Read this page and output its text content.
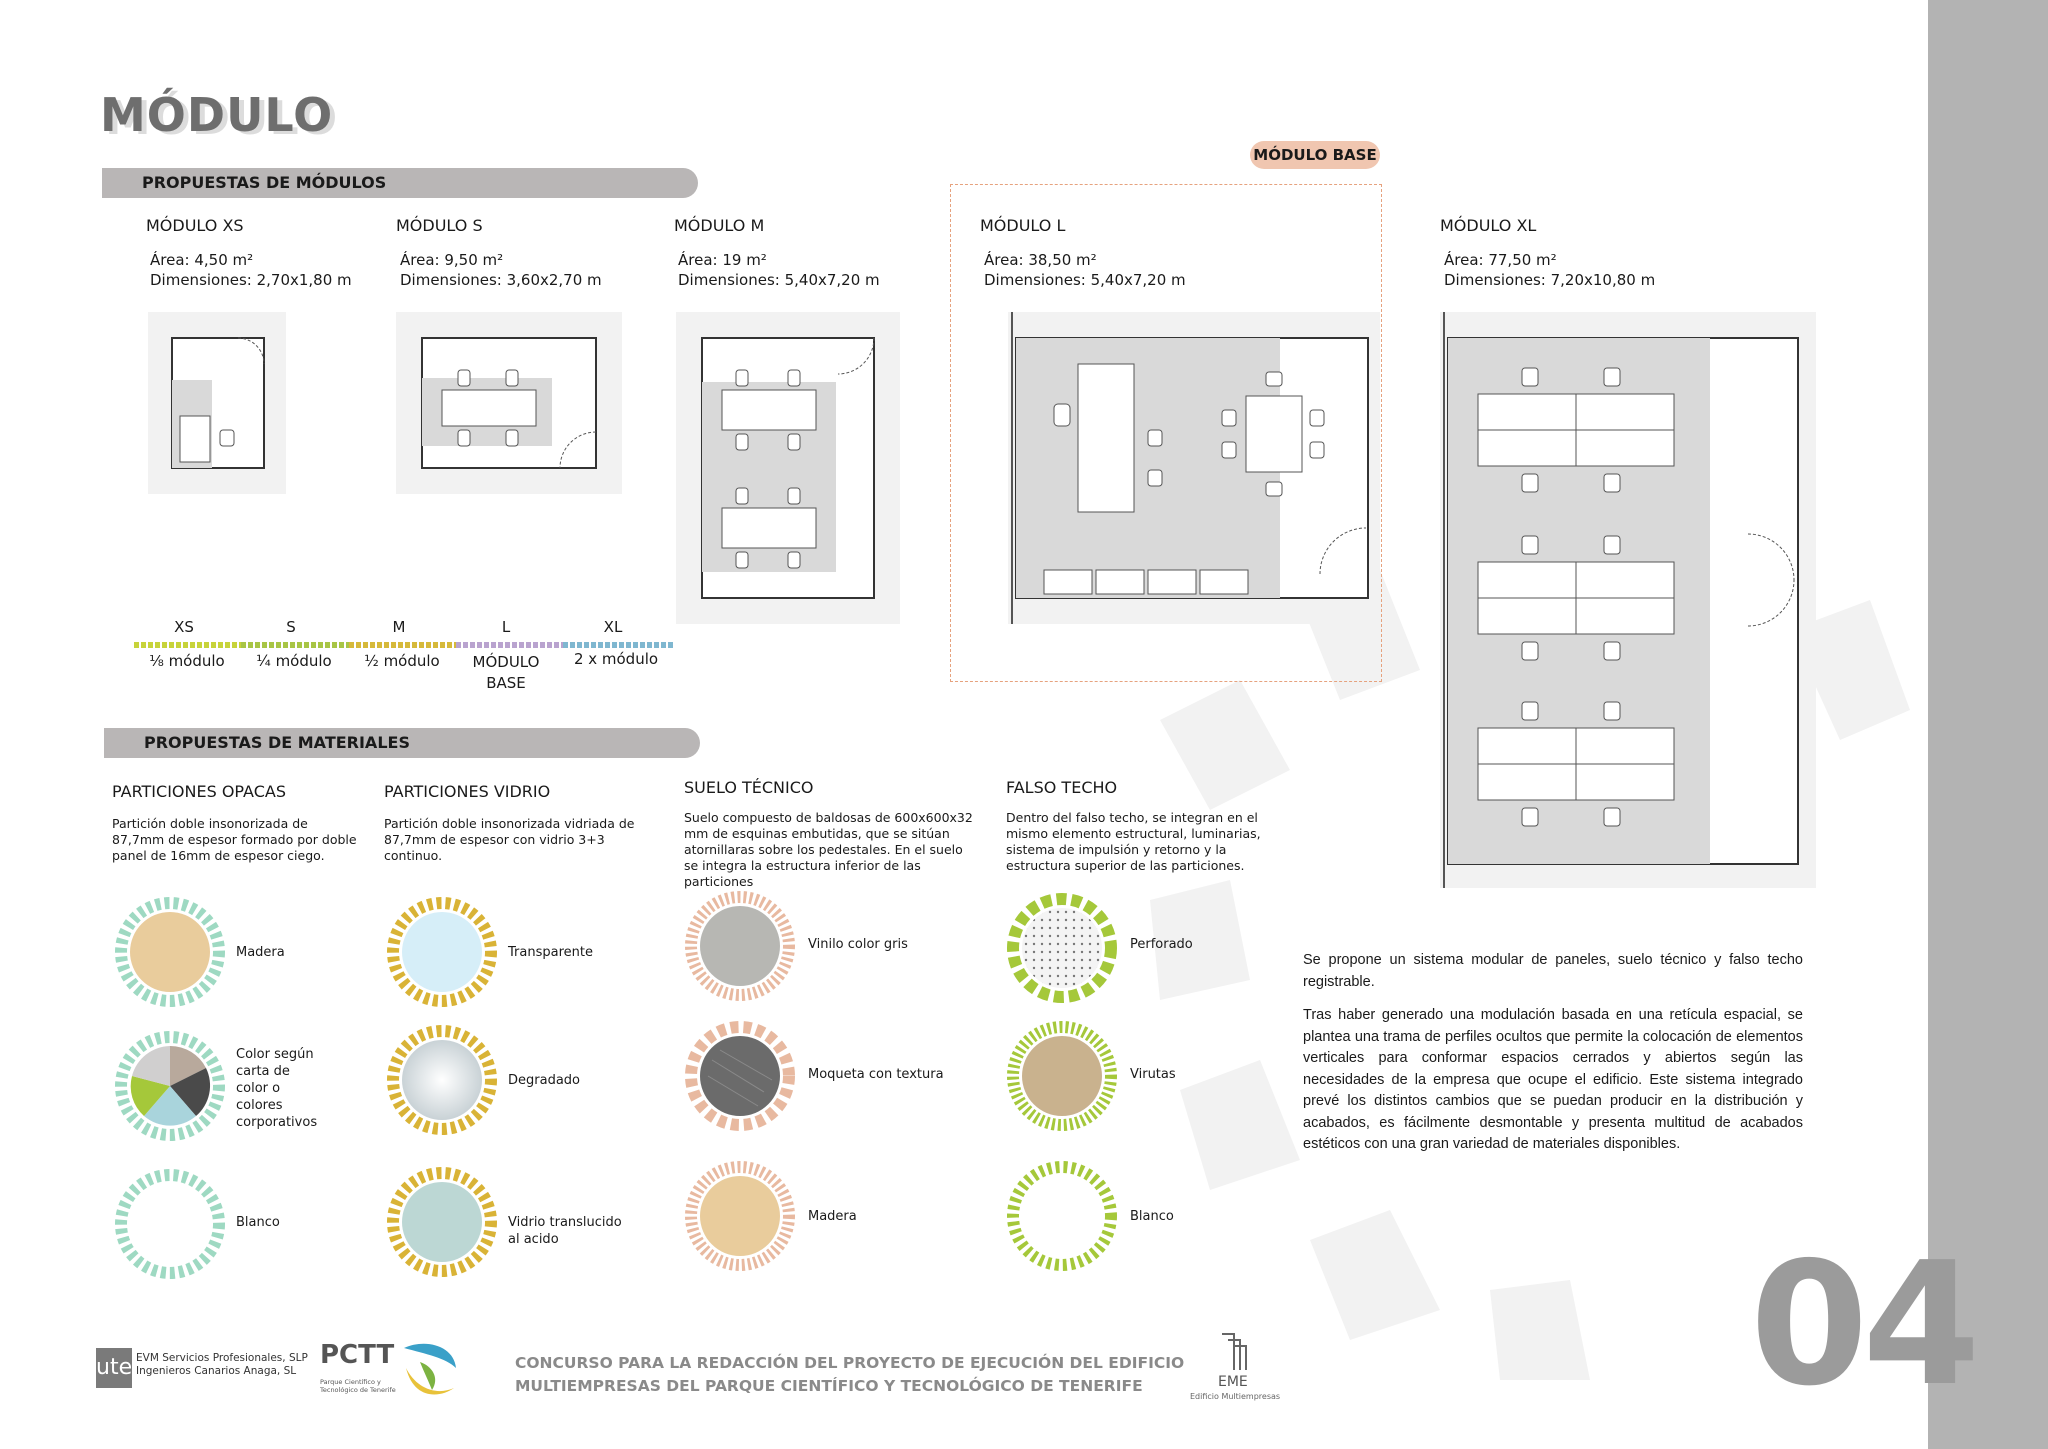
MÓDULO
PROPUESTAS DE MÓDULOS
MÓDULO BASE
MÓDULO XS
Área: 4,50 m²
Dimensiones: 2,70x1,80 m
MÓDULO S
Área: 9,50 m²
Dimensiones: 3,60x2,70 m
MÓDULO M
Área: 19 m²
Dimensiones: 5,40x7,20 m
MÓDULO L
Área: 38,50 m²
Dimensiones: 5,40x7,20 m
MÓDULO XL
Área: 77,50 m²
Dimensiones: 7,20x10,80 m
XS	S	M	L	XL
⅛ módulo	¼ módulo	½ módulo	MÓDULO BASE
2 x módulo
PROPUESTAS DE MATERIALES
PARTICIONES OPACAS
Partición doble insonorizada de 87,7mm de espesor formado por doble panel de 16mm de espesor ciego.
PARTICIONES VIDRIO
Partición doble insonorizada vidriada de 87,7mm de espesor con vidrio 3+3 continuo.
SUELO TÉCNICO
Suelo compuesto de baldosas de 600x600x32 mm de esquinas embutidas, que se sitúan atornillaras sobre los pedestales. En el suelo se integra la estructura inferior de las particiones
FALSO TECHO
Dentro del falso techo, se integran en el mismo elemento estructural, luminarias, sistema de impulsión y retorno y la estructura superior de las particiones.
Madera
Color según carta de color o colores corporativos
Blanco
Transparente
Degradado
Vidrio translucido al acido
Vinilo color gris
Moqueta con textura
Madera
Perforado
Virutas
Blanco

Se propone un sistema modular de paneles, suelo técnico y falso techo registrable.

Tras haber generado una modulación basada en una retícula espacial, se plantea una trama de perfiles ocultos que permite la colocación de elementos verticales para conformar espacios cerrados y abiertos según las necesidades de la empresa que ocupe el edificio. Este sistema integrado prevé los distintos cambios que se puedan producir en la distribución y acabados, es fácilmente desmontable y presenta multitud de acabados estéticos con una gran variedad de materiales disponibles.

04
ute EVM Servicios Profesionales, SLP
Ingenieros Canarios Anaga, SL
PCTT
Parque Científico y
Tecnológico de Tenerife
CONCURSO PARA LA REDACCIÓN DEL PROYECTO DE EJECUCIÓN DEL EDIFICIO
MULTIEMPRESAS DEL PARQUE CIENTÍFICO Y TECNOLÓGICO DE TENERIFE	EME
Edificio Multiempresas
